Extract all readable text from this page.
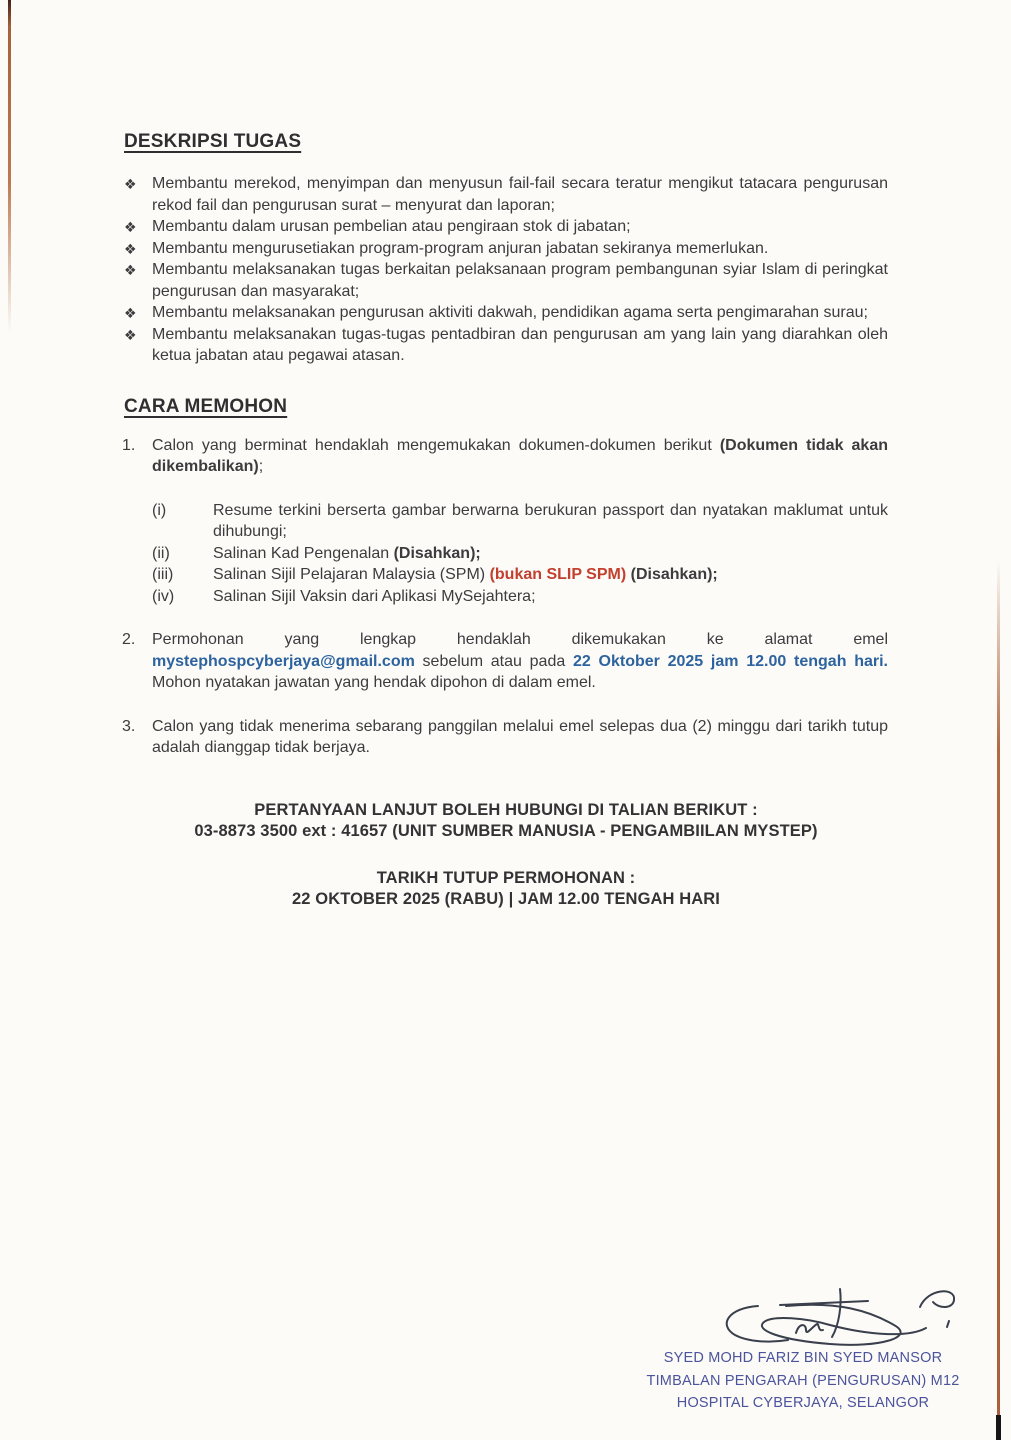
DESKRIPSI TUGAS
❖ Membantu merekod, menyimpan dan menyusun fail-fail secara teratur mengikut tatacara pengurusan rekod fail dan pengurusan surat – menyurat dan laporan;
❖ Membantu dalam urusan pembelian atau pengiraan stok di jabatan;
❖ Membantu mengurusetiakan program-program anjuran jabatan sekiranya memerlukan.
❖ Membantu melaksanakan tugas berkaitan pelaksanaan program pembangunan syiar Islam di peringkat pengurusan dan masyarakat;
❖ Membantu melaksanakan pengurusan aktiviti dakwah, pendidikan agama serta pengimarahan surau;
❖ Membantu melaksanakan tugas-tugas pentadbiran dan pengurusan am yang lain yang diarahkan oleh ketua jabatan atau pegawai atasan.
CARA MEMOHON
1. Calon yang berminat hendaklah mengemukakan dokumen-dokumen berikut (Dokumen tidak akan dikembalikan);

(i)	Resume terkini berserta gambar berwarna berukuran passport dan nyatakan maklumat untuk dihubungi;
(ii)	Salinan Kad Pengenalan (Disahkan);
(iii) Salinan Sijil Pelajaran Malaysia (SPM) (bukan SLIP SPM) (Disahkan);
(iv) Salinan Sijil Vaksin dari Aplikasi MySejahtera;
2. Permohonan yang lengkap hendaklah dikemukakan ke alamat emel mystephospcyberjaya@gmail.com sebelum atau pada 22 Oktober 2025 jam 12.00 tengah hari. Mohon nyatakan jawatan yang hendak dipohon di dalam emel.

3. Calon yang tidak menerima sebarang panggilan melalui emel selepas dua (2) minggu dari tarikh tutup adalah dianggap tidak berjaya.

PERTANYAAN LANJUT BOLEH HUBUNGI DI TALIAN BERIKUT :
03-8873 3500 ext : 41657 (UNIT SUMBER MANUSIA - PENGAMBIILAN MYSTEP)
TARIKH TUTUP PERMOHONAN :
22 OKTOBER 2025 (RABU) | JAM 12.00 TENGAH HARI
SYED MOHD FARIZ BIN SYED MANSOR
TIMBALAN PENGARAH (PENGURUSAN) M12
HOSPITAL CYBERJAYA, SELANGOR
